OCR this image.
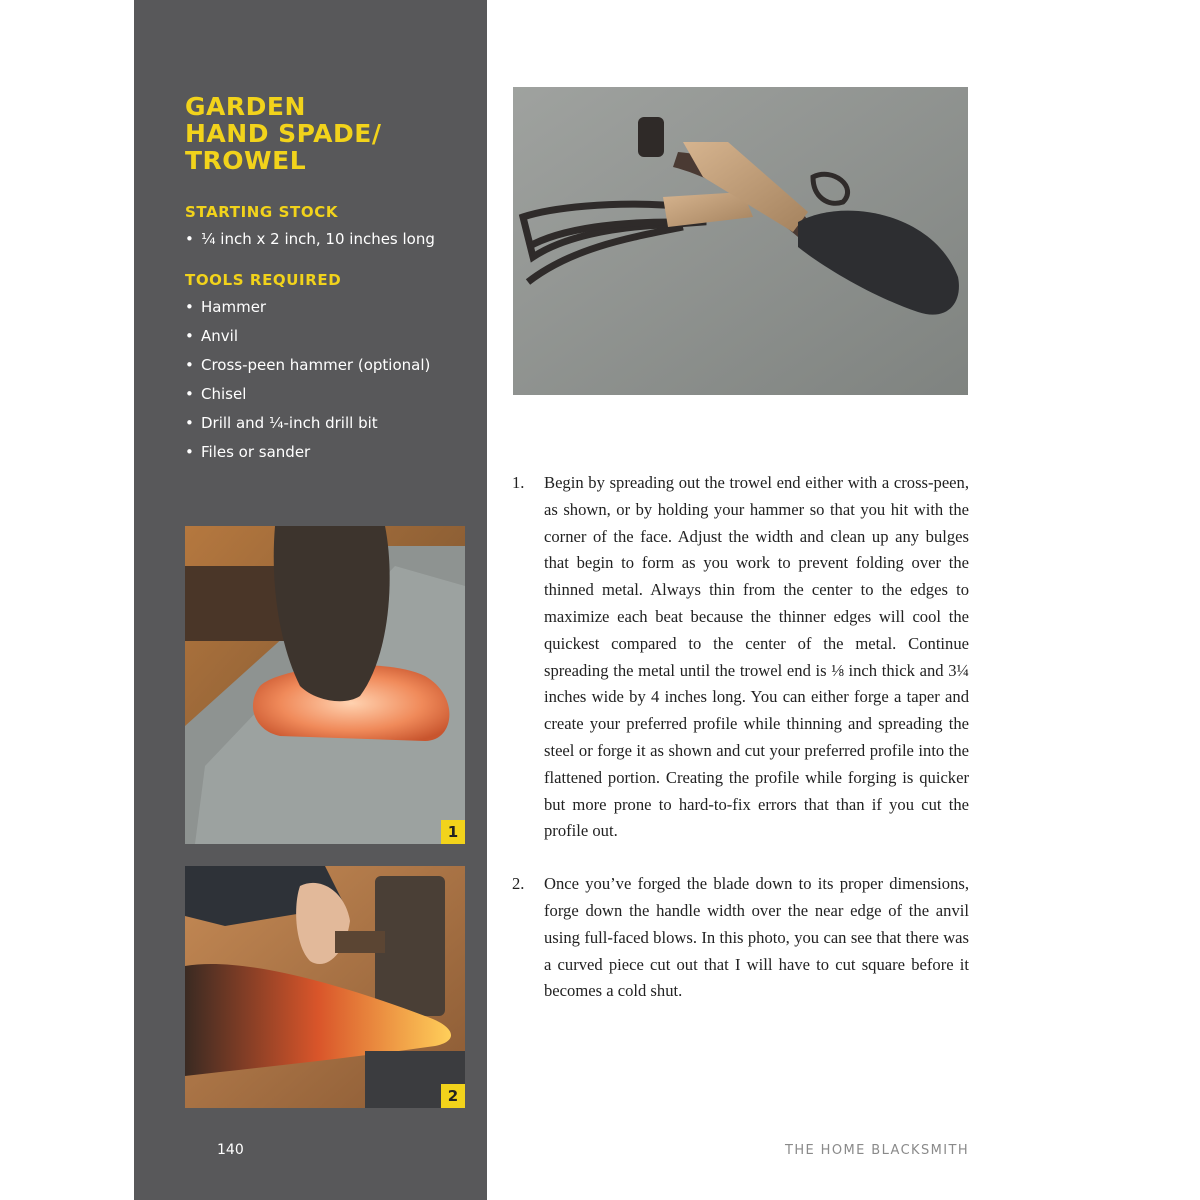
GARDEN
HAND SPADE/
TROWEL
STARTING STOCK
• ¹⁄₄ inch x 2 inch, 10 inches long
TOOLS REQUIRED
• Hammer
• Anvil
• Cross-peen hammer (optional)
• Chisel
• Drill and ¹⁄₄-inch drill bit
• Files or sander
1
2
1. Begin by spreading out the trowel end either with a cross-peen, as shown, or by holding your hammer so that you hit with the corner of the face. Adjust the width and clean up any bulges that begin to form as you work to prevent folding over the thinned metal. Always thin from the center to the edges to maximize each beat because the thinner edges will cool the quickest compared to the center of the metal. Continue spreading the metal until the trowel end is ⅛ inch thick and 3¼ inches wide by 4 inches long. You can either forge a taper and create your preferred profile while thinning and spreading the steel or forge it as shown and cut your preferred profile into the flattened portion. Creating the profile while forging is quicker but more prone to hard-to-fix errors that than if you cut the profile out.
2. Once you’ve forged the blade down to its proper dimensions, forge down the handle width over the near edge of the anvil using full-faced blows. In this photo, you can see that there was a curved piece cut out that I will have to cut square before it becomes a cold shut.
140	THE HOME BLACKSMITH
